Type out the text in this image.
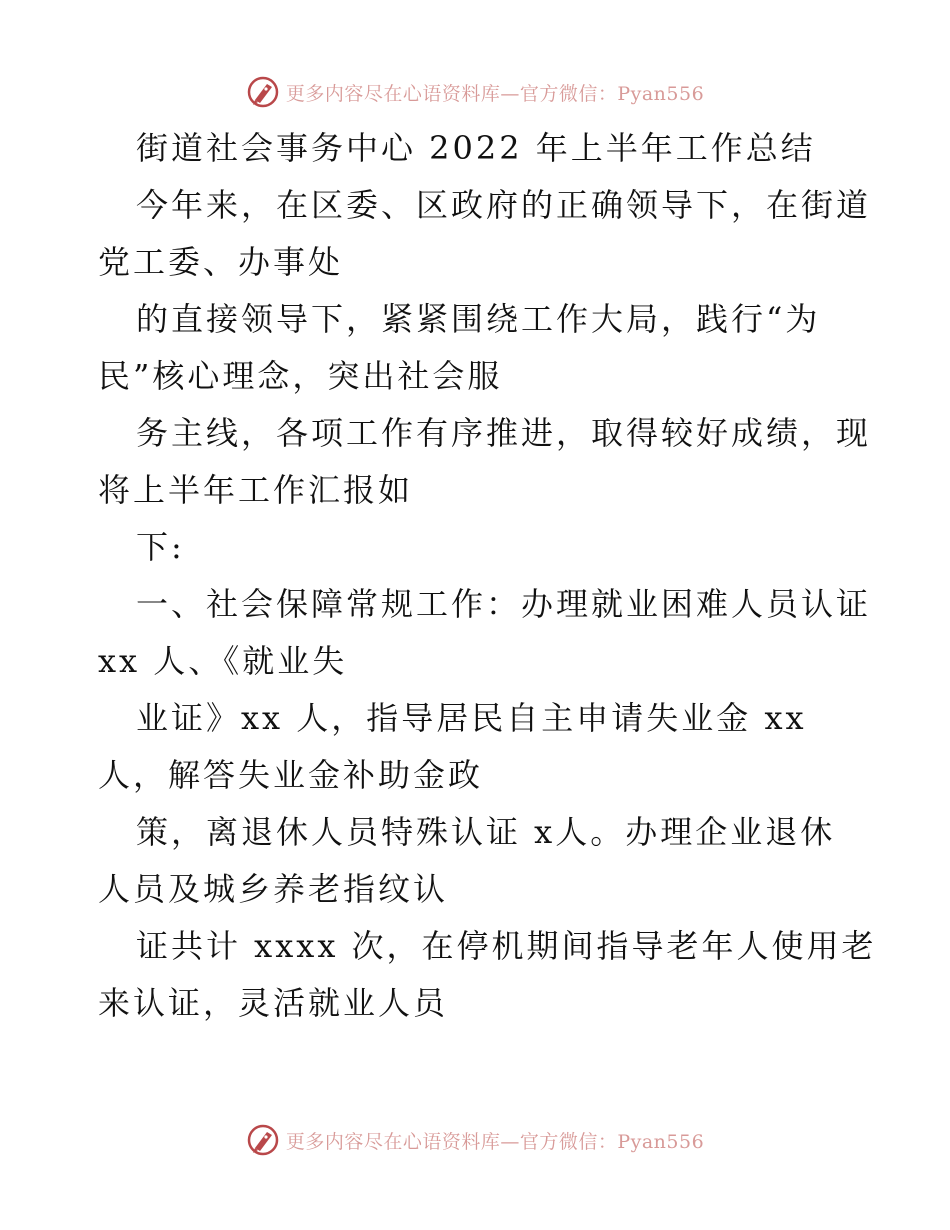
更多内容尽在心语资料库—官方微信：Pyan556
街道社会事务中心 2022 年上半年工作总结
今年来，在区委、区政府的正确领导下，在街道
党工委、办事处
的直接领导下，紧紧围绕工作大局，践行“为
民”核心理念，突出社会服
务主线，各项工作有序推进，取得较好成绩，现
将上半年工作汇报如
下:
一、社会保障常规工作：办理就业困难人员认证
xx 人、《就业失
业证》xx 人，指导居民自主申请失业金 xx
人，解答失业金补助金政
策，离退休人员特殊认证 x人。办理企业退休
人员及城乡养老指纹认
证共计 xxxx 次，在停机期间指导老年人使用老
来认证，灵活就业人员
更多内容尽在心语资料库—官方微信：Pyan556
